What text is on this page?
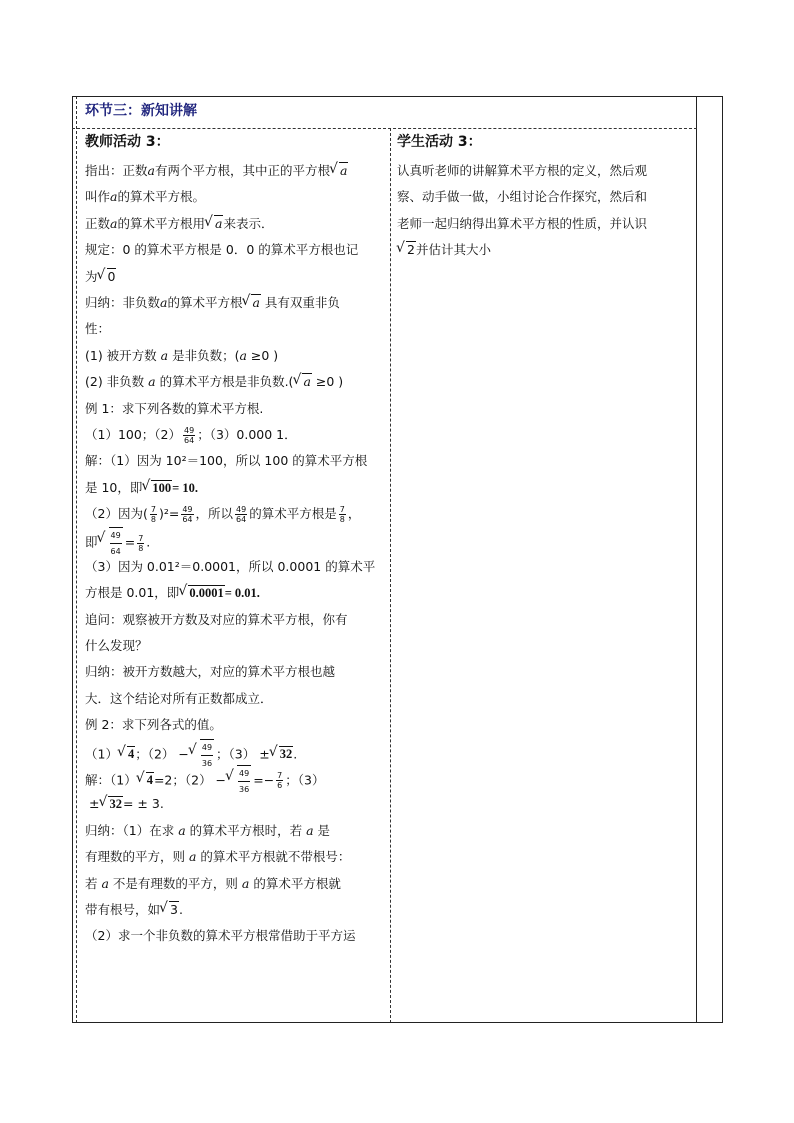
环节三：新知讲解
教师活动 3：	学生活动 3：
指出：正数a有两个平方根，其中正的平方根 √ a
叫作a的算术平方根。
正数a的算术平方根用 √ a来表示．
规定：0 的算术平方根是 0．0 的算术平方根也记
为 √ 0
归纳：非负数a的算术平方根 √ a 具有双重非负
性：
(1) 被开方数 a 是非负数；(a ≥0 )
(2) 非负数 a 的算术平方根是非负数.( √ a ≥0 )
例 1：求下列各数的算术平方根.
（1）100；$(2) \frac{49}{64}$ ；（3）0.000 1．
解：（1）因为 10²＝100，所以 100 的算术平方根
是 10，即 √ 100= 10.
（2）因为( $\frac{7}{8} )^2= \frac{49}{64}$ ，所以 $\frac{49}{64}$ 的算术平方根是 $\frac{7}{8}$ ，
即 √ $\frac{49}{64} = \frac{7}{8}$ .
（3）因为 0.01²＝0.0001，所以 0.0001 的算术平
方根是 0.01，即 √ 0.0001= 0.01.
追问：观察被开方数及对应的算术平方根，你有
什么发现？
归纳：被开方数越大，对应的算术平方根也越
大．这个结论对所有正数都成立．
例 2：求下列各式的值。
（1） √ 4；（2） − √ $\frac{49}{36}$ ；（3） ± √ 32.
解：（1） √ 4=2；（2） − √ $\frac{49}{36} =- \frac{7}{6}$ ；（3）
± √ 32= ± 3.
归纳：（1）在求 a 的算术平方根时，若 a 是
有理数的平方，则 a 的算术平方根就不带根号：
若 a 不是有理数的平方，则 a 的算术平方根就
带有根号，如 √ 3.
（2）求一个非负数的算术平方根常借助于平方运
认真听老师的讲解算术平方根的定义，然后观
察、动手做一做，小组讨论合作探究，然后和
老师一起归纳得出算术平方根的性质，并认识
√ 2并估计其大小
